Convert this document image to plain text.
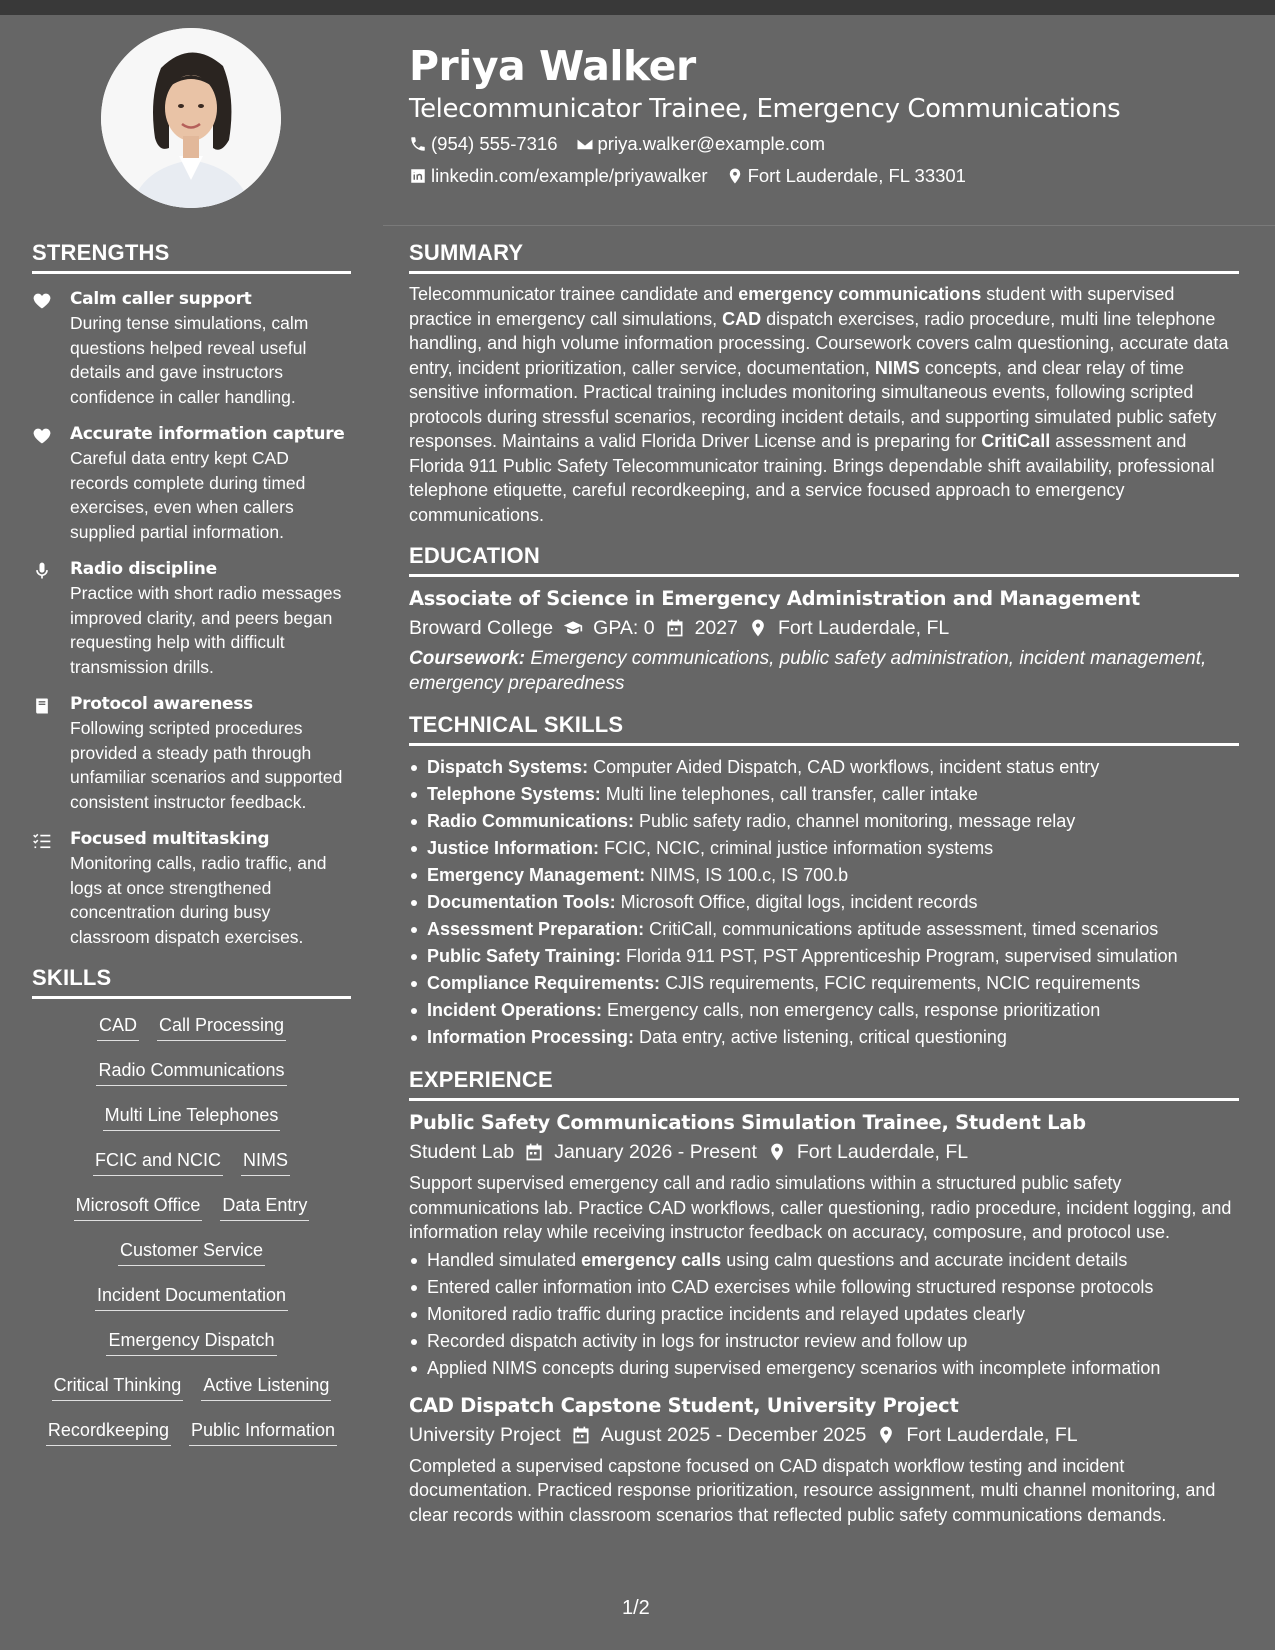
Priya Walker
Telecommunicator Trainee, Emergency Communications
(954) 555-7316 priya.walker@example.com
linkedin.com/example/priyawalker Fort Lauderdale, FL 33301
STRENGTHS
Calm caller support
During tense simulations, calm questions helped reveal useful details and gave instructors confidence in caller handling.
Accurate information capture
Careful data entry kept CAD records complete during timed exercises, even when callers supplied partial information.
Radio discipline
Practice with short radio messages improved clarity, and peers began requesting help with difficult transmission drills.
Protocol awareness
Following scripted procedures provided a steady path through unfamiliar scenarios and supported consistent instructor feedback.
Focused multitasking
Monitoring calls, radio traffic, and logs at once strengthened concentration during busy classroom dispatch exercises.
SKILLS
CAD Call Processing
Radio Communications
Multi Line Telephones
FCIC and NCIC NIMS
Microsoft Office Data Entry
Customer Service
Incident Documentation
Emergency Dispatch
Critical Thinking Active Listening
Recordkeeping Public Information
SUMMARY
Telecommunicator trainee candidate and emergency communications student with supervised practice in emergency call simulations, CAD dispatch exercises, radio procedure, multi line telephone handling, and high volume information processing. Coursework covers calm questioning, accurate data entry, incident prioritization, caller service, documentation, NIMS concepts, and clear relay of time sensitive information. Practical training includes monitoring simultaneous events, following scripted protocols during stressful scenarios, recording incident details, and supporting simulated public safety responses. Maintains a valid Florida Driver License and is preparing for CritiCall assessment and Florida 911 Public Safety Telecommunicator training. Brings dependable shift availability, professional telephone etiquette, careful recordkeeping, and a service focused approach to emergency communications.
EDUCATION
Associate of Science in Emergency Administration and Management
Broward College GPA: 0 2027 Fort Lauderdale, FL
Coursework: Emergency communications, public safety administration, incident management, emergency preparedness
TECHNICAL SKILLS
Dispatch Systems: Computer Aided Dispatch, CAD workflows, incident status entry
Telephone Systems: Multi line telephones, call transfer, caller intake
Radio Communications: Public safety radio, channel monitoring, message relay
Justice Information: FCIC, NCIC, criminal justice information systems
Emergency Management: NIMS, IS 100.c, IS 700.b
Documentation Tools: Microsoft Office, digital logs, incident records
Assessment Preparation: CritiCall, communications aptitude assessment, timed scenarios
Public Safety Training: Florida 911 PST, PST Apprenticeship Program, supervised simulation
Compliance Requirements: CJIS requirements, FCIC requirements, NCIC requirements
Incident Operations: Emergency calls, non emergency calls, response prioritization
Information Processing: Data entry, active listening, critical questioning
EXPERIENCE
Public Safety Communications Simulation Trainee, Student Lab
Student Lab January 2026 - Present Fort Lauderdale, FL
Support supervised emergency call and radio simulations within a structured public safety communications lab. Practice CAD workflows, caller questioning, radio procedure, incident logging, and information relay while receiving instructor feedback on accuracy, composure, and protocol use.
Handled simulated emergency calls using calm questions and accurate incident details
Entered caller information into CAD exercises while following structured response protocols
Monitored radio traffic during practice incidents and relayed updates clearly
Recorded dispatch activity in logs for instructor review and follow up
Applied NIMS concepts during supervised emergency scenarios with incomplete information
CAD Dispatch Capstone Student, University Project
University Project August 2025 - December 2025 Fort Lauderdale, FL
Completed a supervised capstone focused on CAD dispatch workflow testing and incident documentation. Practiced response prioritization, resource assignment, multi channel monitoring, and clear records within classroom scenarios that reflected public safety communications demands.
1/2
